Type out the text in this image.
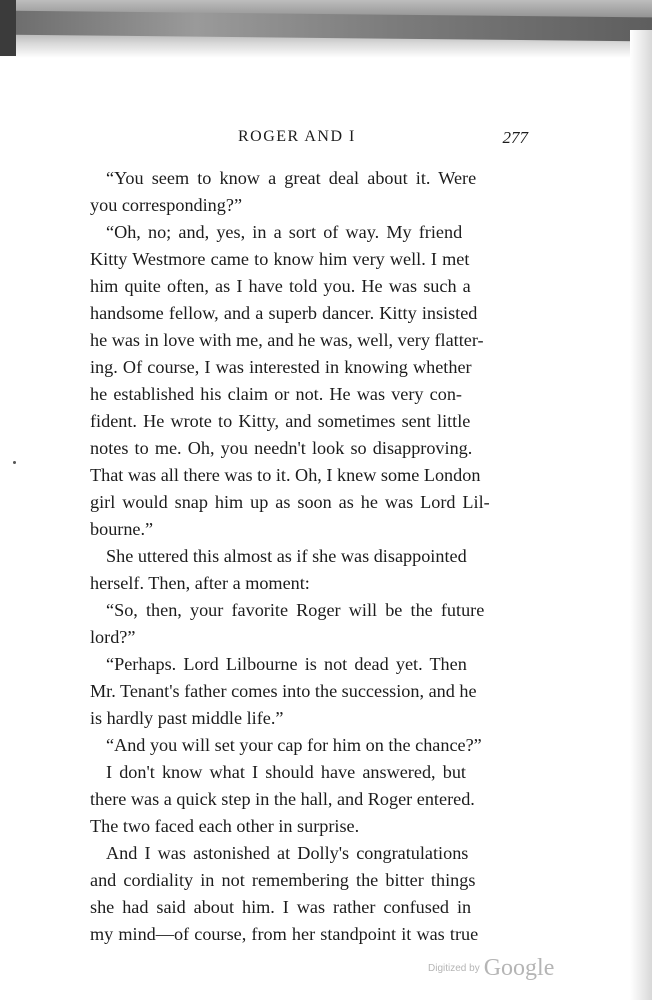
ROGER AND I	277
“You seem to know a great deal about it. Were
you corresponding?”
“Oh, no; and, yes, in a sort of way. My friend
Kitty Westmore came to know him very well. I met
him quite often, as I have told you. He was such a
handsome fellow, and a superb dancer. Kitty insisted
he was in love with me, and he was, well, very flatter-
ing. Of course, I was interested in knowing whether
he established his claim or not. He was very con-
fident. He wrote to Kitty, and sometimes sent little
notes to me. Oh, you needn't look so disapproving.
That was all there was to it. Oh, I knew some London
girl would snap him up as soon as he was Lord Lil-
bourne.”
She uttered this almost as if she was disappointed
herself. Then, after a moment:
“So, then, your favorite Roger will be the future
lord?”
“Perhaps. Lord Lilbourne is not dead yet. Then
Mr. Tenant's father comes into the succession, and he
is hardly past middle life.”
“And you will set your cap for him on the chance?”
I don't know what I should have answered, but
there was a quick step in the hall, and Roger entered.
The two faced each other in surprise.
And I was astonished at Dolly's congratulations
and cordiality in not remembering the bitter things
she had said about him. I was rather confused in
my mind—of course, from her standpoint it was true
Digitized by Google
